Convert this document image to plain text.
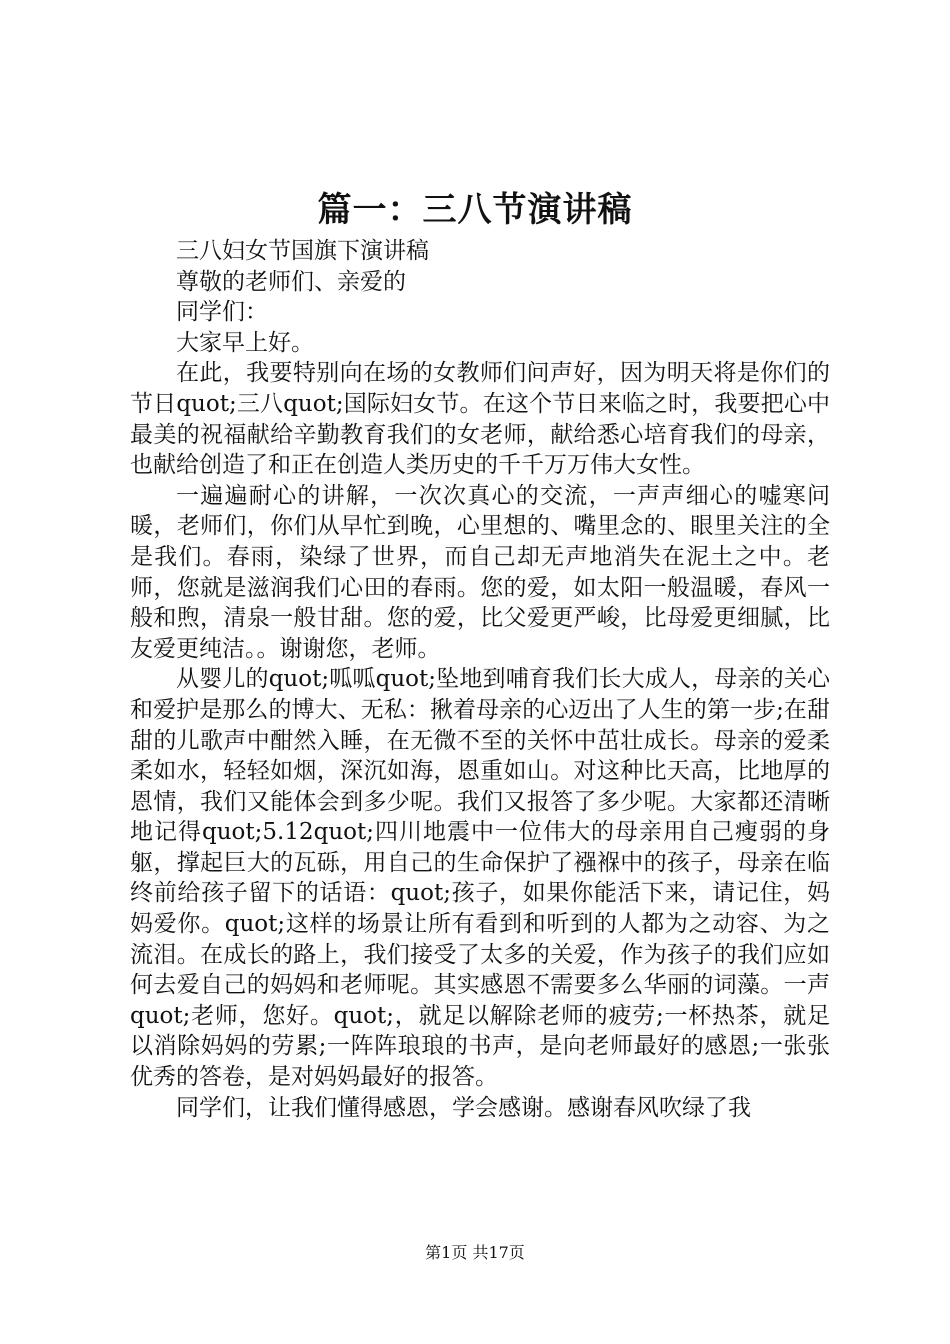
篇一：三八节演讲稿

三八妇女节国旗下演讲稿

尊敬的老师们、亲爱的

同学们：

大家早上好。

在此，我要特别向在场的女教师们问声好，因为明天将是你们的节日quot;三八quot;国际妇女节。在这个节日来临之时，我要把心中最美的祝福献给辛勤教育我们的女老师，献给悉心培育我们的母亲，也献给创造了和正在创造人类历史的千千万万伟大女性。

一遍遍耐心的讲解，一次次真心的交流，一声声细心的嘘寒问暖，老师们，你们从早忙到晚，心里想的、嘴里念的、眼里关注的全是我们。春雨，染绿了世界，而自己却无声地消失在泥土之中。老师，您就是滋润我们心田的春雨。您的爱，如太阳一般温暖，春风一般和煦，清泉一般甘甜。您的爱，比父爱更严峻，比母爱更细腻，比友爱更纯洁。。谢谢您，老师。

从婴儿的quot;呱呱quot;坠地到哺育我们长大成人，母亲的关心和爱护是那么的博大、无私：揪着母亲的心迈出了人生的第一步;在甜甜的儿歌声中酣然入睡，在无微不至的关怀中茁壮成长。母亲的爱柔柔如水，轻轻如烟，深沉如海，恩重如山。对这种比天高，比地厚的恩情，我们又能体会到多少呢。我们又报答了多少呢。大家都还清晰地记得quot;5.12quot;四川地震中一位伟大的母亲用自己瘦弱的身躯，撑起巨大的瓦砾，用自己的生命保护了襁褓中的孩子，母亲在临终前给孩子留下的话语：quot;孩子，如果你能活下来，请记住，妈妈爱你。quot;这样的场景让所有看到和听到的人都为之动容、为之流泪。在成长的路上，我们接受了太多的关爱，作为孩子的我们应如何去爱自己的妈妈和老师呢。其实感恩不需要多么华丽的词藻。一声quot;老师，您好。quot;，就足以解除老师的疲劳;一杯热茶，就足以消除妈妈的劳累;一阵阵琅琅的书声，是向老师最好的感恩;一张张优秀的答卷，是对妈妈最好的报答。

同学们，让我们懂得感恩，学会感谢。感谢春风吹绿了我

第1页 共17页
